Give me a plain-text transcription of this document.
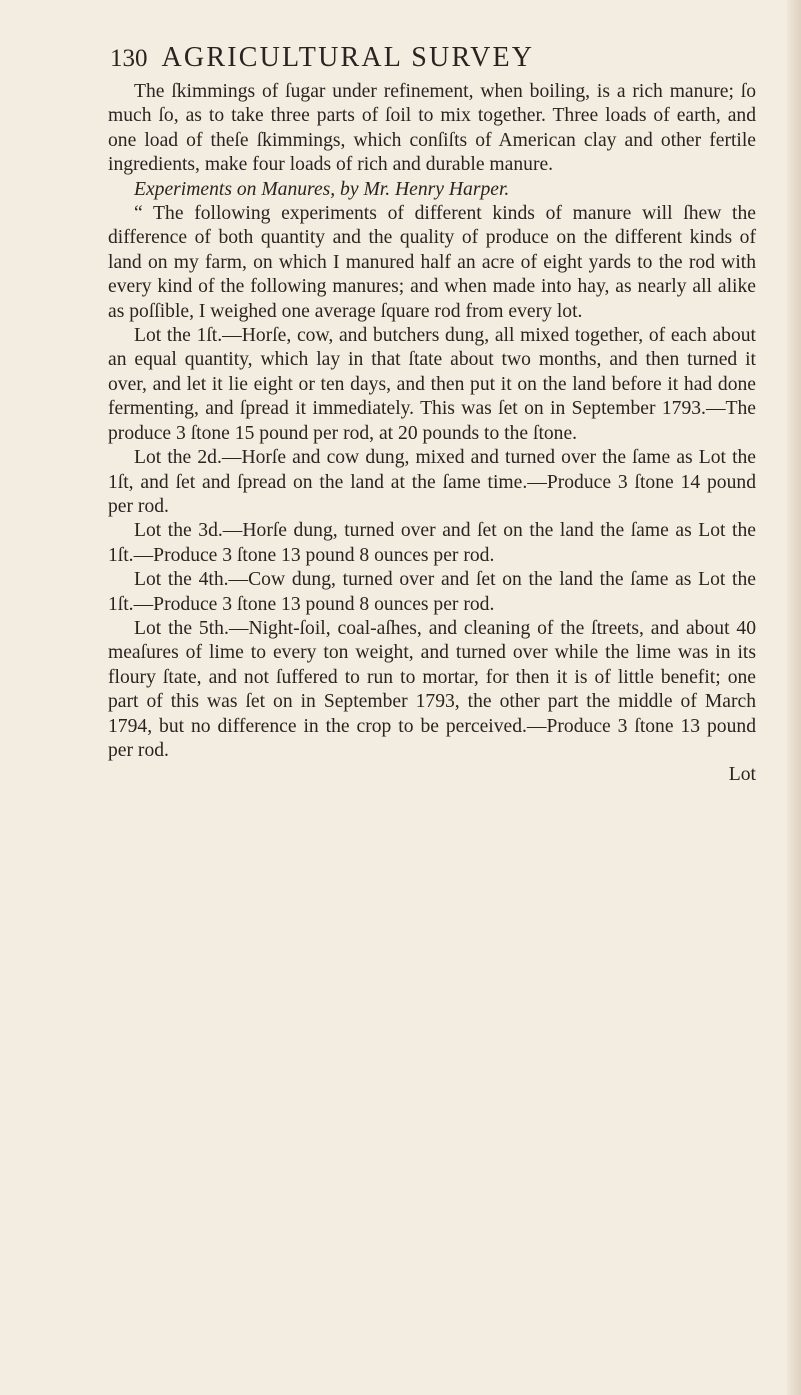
130 AGRICULTURAL SURVEY

The ſkimmings of ſugar under refinement, when boiling, is a rich manure; ſo much ſo, as to take three parts of ſoil to mix together. Three loads of earth, and one load of theſe ſkimmings, which conſiſts of American clay and other fertile ingredients, make four loads of rich and durable manure.

Experiments on Manures, by Mr. Henry Harper.

“ The following experiments of different kinds of manure will ſhew the difference of both quantity and the quality of produce on the different kinds of land on my farm, on which I manured half an acre of eight yards to the rod with every kind of the following manures; and when made into hay, as nearly all alike as poſſible, I weighed one average ſquare rod from every lot.

Lot the 1ſt.—Horſe, cow, and butchers dung, all mixed together, of each about an equal quantity, which lay in that ſtate about two months, and then turned it over, and let it lie eight or ten days, and then put it on the land before it had done fermenting, and ſpread it immediately. This was ſet on in September 1793.—The produce 3 ſtone 15 pound per rod, at 20 pounds to the ſtone.

Lot the 2d.—Horſe and cow dung, mixed and turned over the ſame as Lot the 1ſt, and ſet and ſpread on the land at the ſame time.—Produce 3 ſtone 14 pound per rod.

Lot the 3d.—Horſe dung, turned over and ſet on the land the ſame as Lot the 1ſt.—Produce 3 ſtone 13 pound 8 ounces per rod.

Lot the 4th.—Cow dung, turned over and ſet on the land the ſame as Lot the 1ſt.—Produce 3 ſtone 13 pound 8 ounces per rod.

Lot the 5th.—Night-ſoil, coal-aſhes, and cleaning of the ſtreets, and about 40 meaſures of lime to every ton weight, and turned over while the lime was in its floury ſtate, and not ſuffered to run to mortar, for then it is of little benefit; one part of this was ſet on in September 1793, the other part the middle of March 1794, but no difference in the crop to be perceived.—Produce 3 ſtone 13 pound per rod.

Lot
